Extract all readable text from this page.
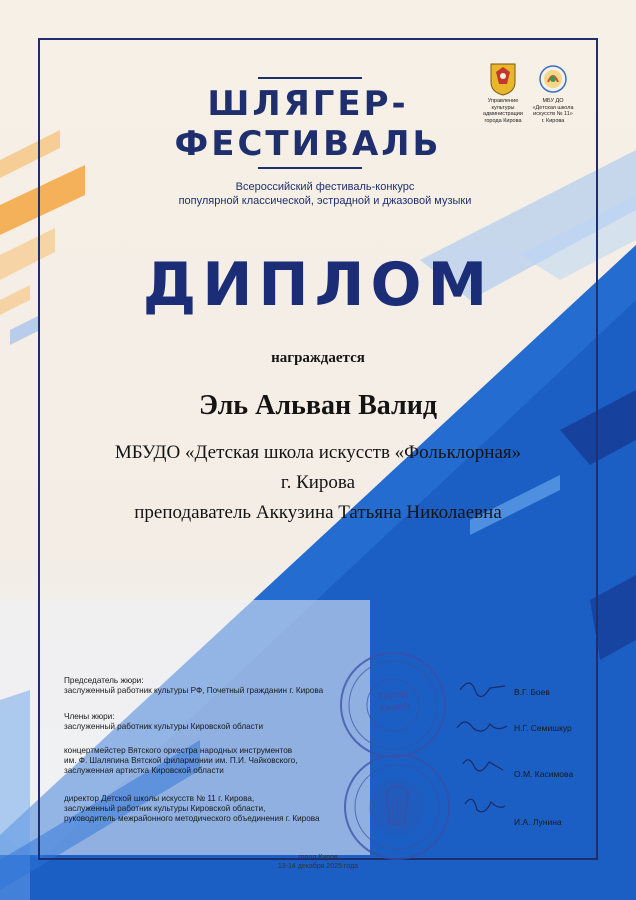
ШЛЯГЕР-
ФЕСТИВАЛЬ
Всероссийский фестиваль-конкурс
популярной классической, эстрадной и джазовой музыки
Управление
культуры
администрации
города Кирова
МБУ ДО
«Детская школа
искусств № 11»
г. Кирова
ДИПЛОМ
награждается
Эль Альван Валид
МБУДО «Детская школа искусств «Фольклорная»
г. Кирова
преподаватель Аккузина Татьяна Николаевна
Председатель жюри:
заслуженный работник культуры РФ, Почетный гражданин г. Кирова	В.Г. Боев
Члены жюри:
заслуженный работник культуры Кировской области	Н.Г. Семишкур
концертмейстер Вятского оркестра народных инструментов
им. Ф. Шаляпина Вятской филармонии им. П.И. Чайковского,
заслуженная артистка Кировской области	О.М. Касимова
директор Детской школы искусств № 11 г. Кирова,
заслуженный работник культуры Кировской области,
руководитель межрайонного методического объединения г. Кирова	И.А. Лунина
Город
Киров
город Киров
13-14 декабря 2025 года
